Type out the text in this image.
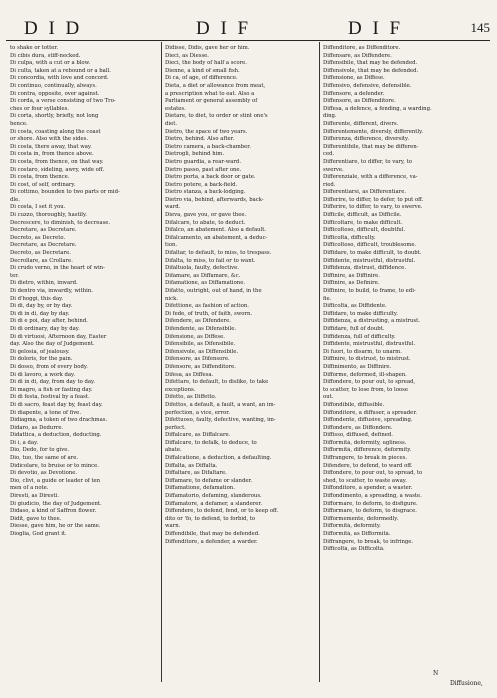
D I D	D I F	D I F	145
to shake or totter.
Di cibis dura, stiff-necked.
Di culpa, with a cut or a blow.
Di culta, taken at a rebound or a ball.
Di concordia, with love and concord.
Di continuo, continually, always.
Di contra, opposite, over against.
Di corda, a verse consisting of two Tro-
ches or four syllables.
Di corta, shortly, briefly, not long
hence.
Di costa, coasting along the coast
or shore. Also with the sides.
Di costa, there away, that way.
Di costa in, from thence above.
Di costa, from thence, on that way.
Di costaro, sideling, awry, wide off.
Di costa, from thence.
Di cost, of self, ordinary.
Di cottimo, bounden to two parts or mid-
dle.
Di costa, I set it you.
Di cuzzo, thoroughly, hastily.
Decrescere, to diminish, to decrease.
Decretare, as Decretare.
Decreto, as Decreto.
Decretare, as Decretare.
Decreto, as Decretare.
Decrollare, as Crollare.
Di crudo verno, in the heart of win-
ter.
Di dietro, within, inward.
Di dentro via, inwardly, within.
Di d'hoggi, this day.
Di di, day by, or by day.
Di di in di, day by day.
Di di e poi, day after, behind.
Di di ordinary, day by day.
Di di virtuosi, Afternoon day, Easter
day. Also the day of Judgement.
Di gelosia, of jealousy.
Di doloris, for the pain.
Di dosso, from of every body.
Di di lavoro, a work day.
Di di in di, day, from day to day.
Di magro, a fish or fasting day.
Di di festa, festival by a feast.
Di di sacro, feast day by, feast day.
Di diapente, a tone of five.
Didiagma, a token of two drachmas.
Didaro, as Dedurre.
Didattica, a deduction, deducting.
Di i, a day.
Dio, Dedo, for to give.
Dio, tuo, the same of are.
Didicolare, to bruise or to mince.
Di devotio, as Devotione.
Dio, clivi, a guide or leader of ten
men of a note.
Diresti, as Diresti.
Di giudicio, the day of Judgement.
Didaso, a kind of Saffron flower.
Didit, gave to thee.
Diesse, gave him, he or the same.
Dioglia, God grant it.
Didisse, Didis, gave her or him.
Dieci, as Diesse.
Dieci, the body of half a score.
Dienne, a kind of small fish.
Di ca, of age, of difference.
Dieta, a diet or allowance from meat,
a prescription what to eat. Also a
Parliament or general assembly of
estates.
Dietare, to diet, to order or stint one's
diet.
Dietro, the space of two years.
Dietro, behind. Also after.
Dietro camera, a back-chamber.
Dietrogli, behind him.
Dietro guardia, a rear-ward.
Dietro passo, past after one.
Dietro porta, a back door or gate.
Dietro potere, a back-field.
Dietro stanza, a back-lodging.
Dietro via, behind, afterwards, back-
ward.
Dieva, gave you, or gave thee.
Difalcare, to abate, to deduct.
Difalco, an abatement. Also a default.
Difalcamento, an abatement, a deduc-
tion.
Difaltar, to default, to miss, to trespass.
Difalta, to miss, to fail or to want.
Difaltuola, faulty, defective.
Difamare, as Diffamare, &c.
Difamatione, as Diffamatione.
Difatto, outright, out of hand, in the
nick.
Difettione, as fashion of action.
Di fede, of truth, of faith, sworn.
Difendere, as Difendere.
Difendente, as Difensibile.
Difensione, as Diffese.
Difensibile, as Difensibile.
Difensivole, as Diffensibile.
Difensore, as Difensore.
Difensore, as Diffenditore.
Difesa, as Diffesa.
Difettare, to default, to dislike, to take
exceptions.
Difetto, as Diffetto.
Difettos, a default, a fault, a want, an im-
perfection, a vice, error.
Difettuoso, faulty, defective, wanting, im-
perfect.
Diffalcare, as Diffalcare.
Diffalcare, to defalk, to deduce, to
abate.
Diffalcatione, a deduction, a defaulting.
Diffalta, as Diffalta.
Diffaltare, as Difaltare.
Diffamare, to defame or slander.
Diffamatione, defamation.
Diffamatorio, defaming, slanderous.
Diffamatore, a defamer, a slanderer.
Diffendere, to defend, fend, or to keep off.
dito or 'fo, to defend, to forbid, to
warn.
Diffendibile, that may be defended.
Diffenditore, a defender, a warder.
Diffenditore, as Diffenditore.
Diffensare, as Diffendere.
Diffensibile, that may be defended.
Diffensivole, that may be defended.
Diffensione, as Diffese.
Diffensivo, defensive, defensible.
Diffensore, a defender.
Diffensore, as Diffenditore.
Diffesa, a defence, a fending, a warding.
ding.
Differente, different, divers.
Differentemente, diversly, differently.
Differenza, difference, diversity.
Differentibile, that may be differen-
ced.
Differentiare, to differ, to vary, to
swerve.
Differenziale, with a difference, va-
ried.
Differentiarsi, as Differentiare.
Differire, to differ, to defer, to put off.
Differire, to differ, to vary, to swerve.
Difficile, difficult, as Difficile.
Difficoltare, to make difficult.
Difficoltoso, difficult, doubtful.
Difficoltà, difficulty.
Difficoltoso, difficult, troublesome.
Diffidare, to make difficult, to doubt.
Diffidente, mistrustful, distrustful.
Diffidenza, distrust, diffidence.
Diffinire, as Diffinire.
Diffinire, as Definire.
Diffinire, to build, to frame, to edi-
fie.
Difficoltà, as Diffidente.
Diffidare, to make difficulty.
Diffidenza, a distrusting, a mistrust.
Diffidare, full of doubt.
Diffidenza, full of difficulty.
Diffidente, mistrustful, distrustful.
Di fuori, to disarm, to unarm.
Diffinire, to distrust, to mistrust.
Diffinimento, as Diffinire.
Difforme, deformed, ill-shapen.
Diffondere, to pour out, to spread,
to scatter, to lose from, to loose
out.
Diffondibile, diffusible.
Diffonditore, a diffuser, a spreader.
Diffondente, diffusive, spreading.
Diffondere, as Diffondere.
Diffisso, diffused, defined.
Difformità, deformity, ugliness.
Difformità, difference, deformity.
Diffrangere, to break in pieces.
Difendere, to defend, to ward off.
Diffondere, to pour out, to spread, to
shed, to scatter, to waste away.
Diffonditore, a spender, a waster.
Diffondimento, a spreading, a waste.
Difformare, to deform, to disfigure.
Difformare, to deform, to disgrace.
Difformemente, deformedly.
Difformità, deformity.
Difformità, as Difformità.
Diffrangere, to break, to infringe.
Difficoltà, as Difficoltà.
N
Diffusione,
